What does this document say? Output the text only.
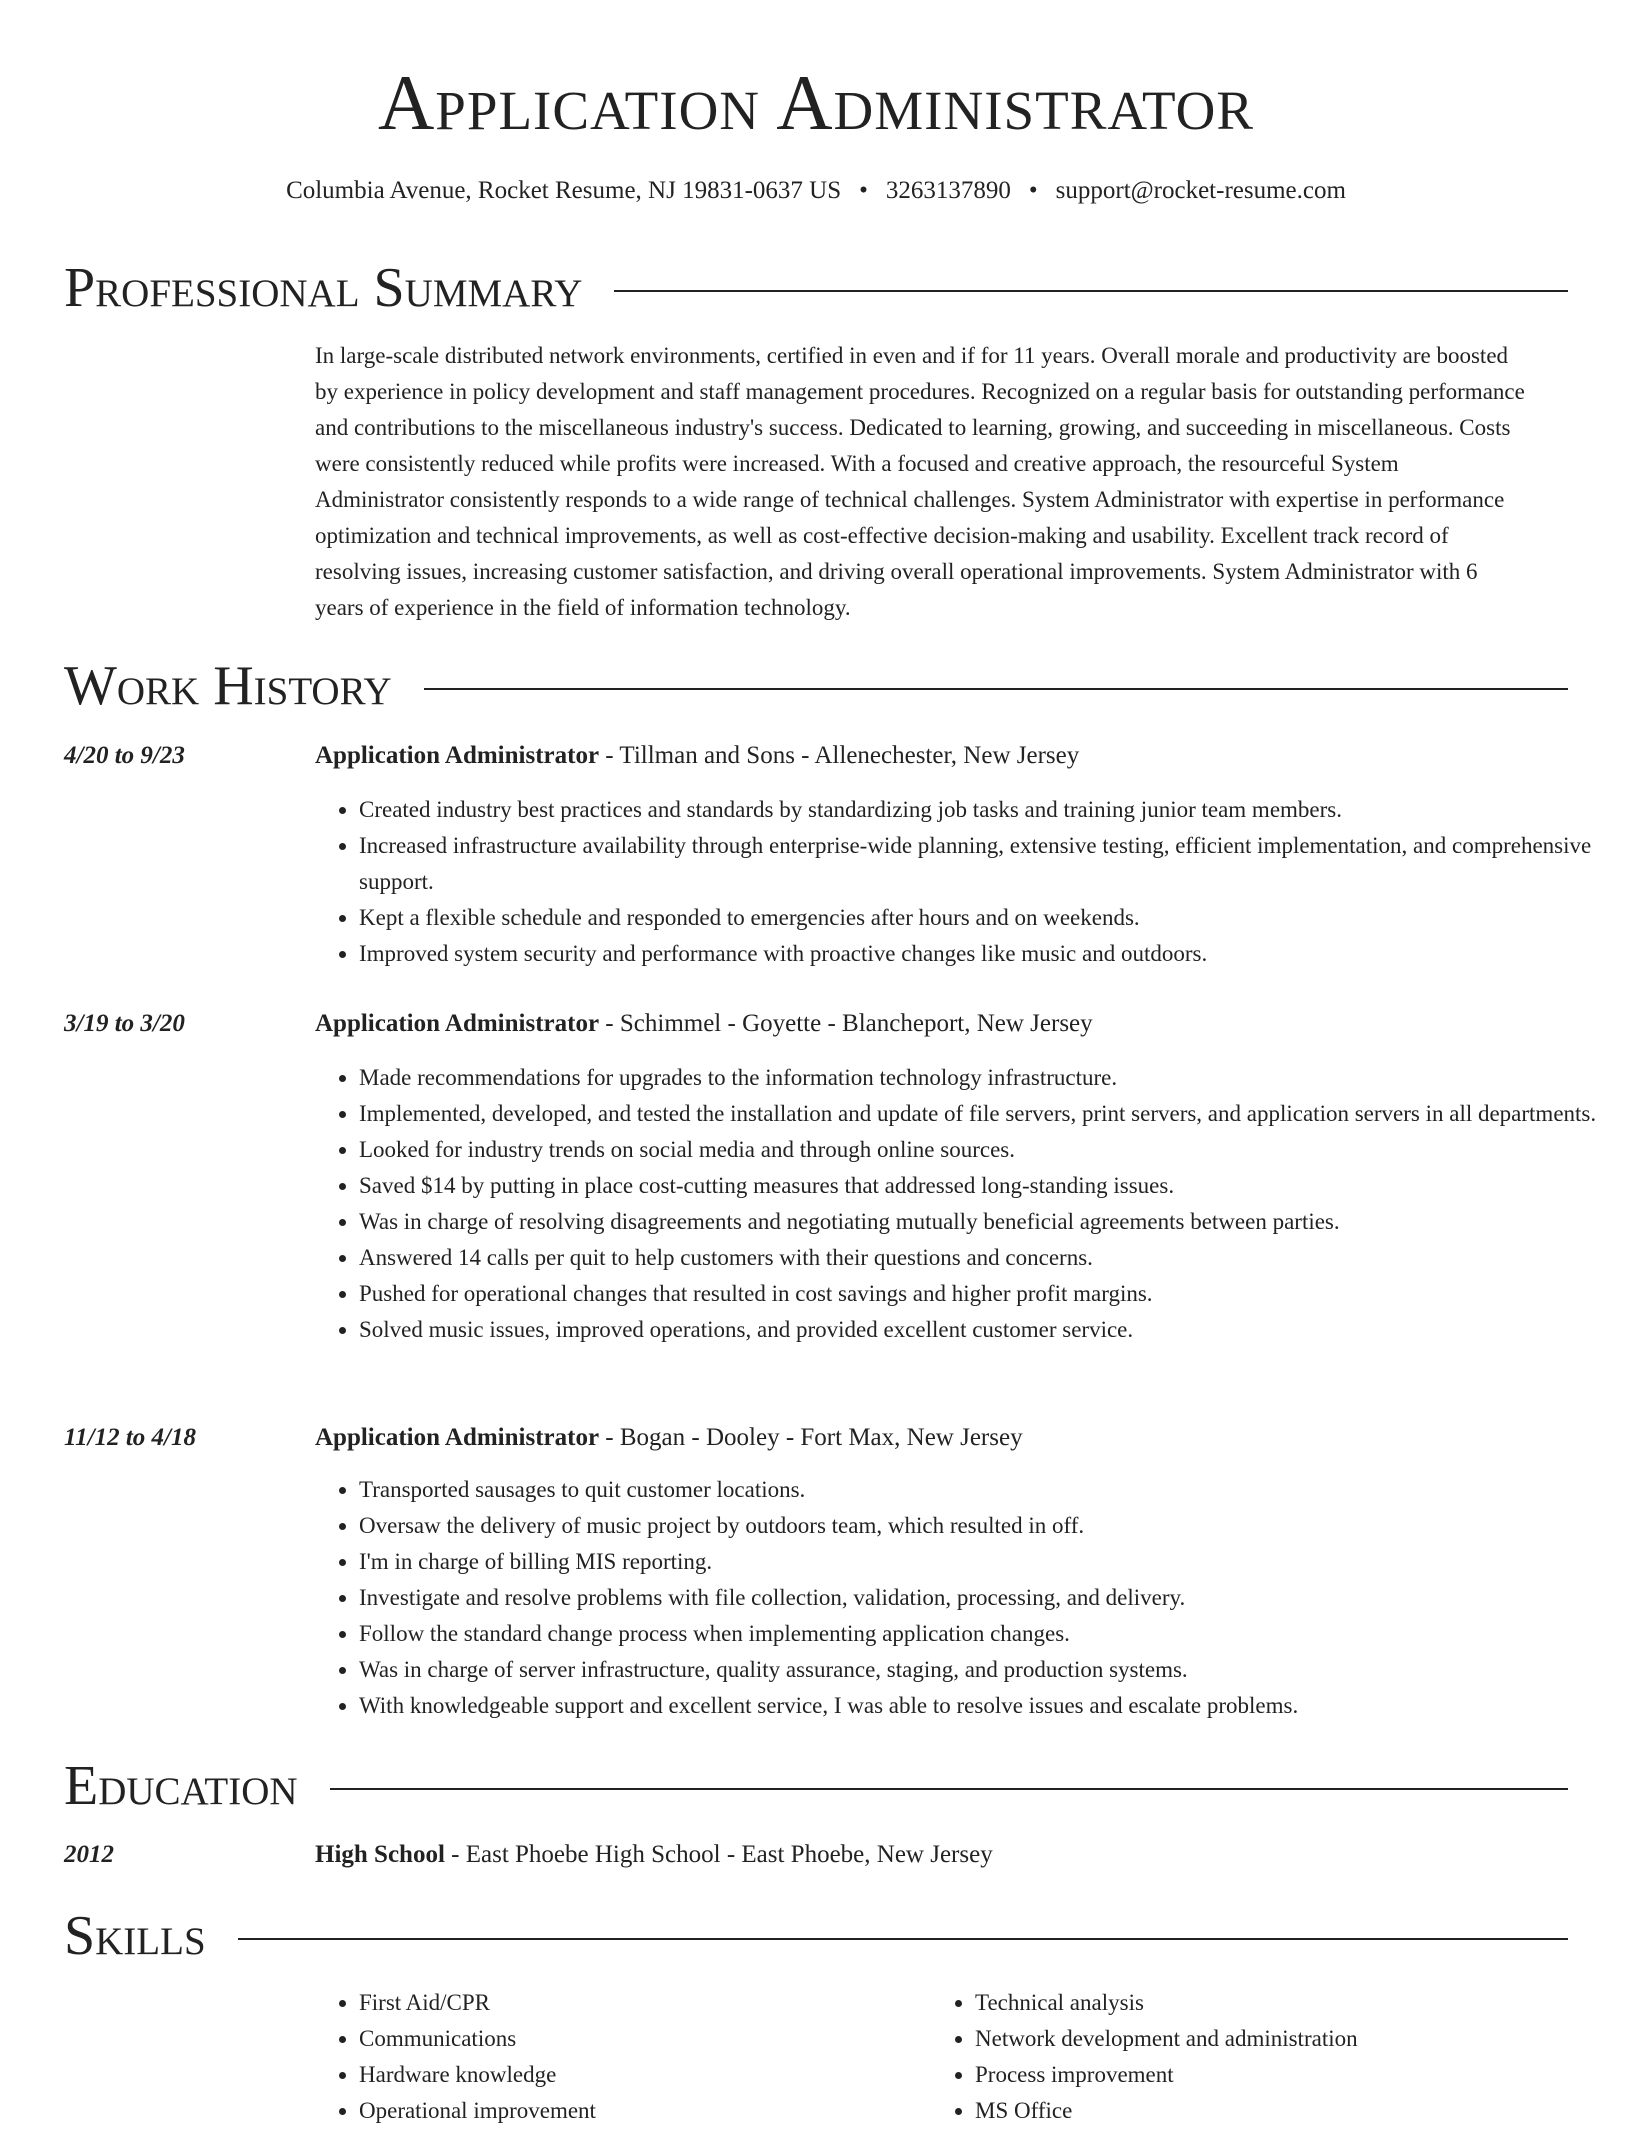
Application Administrator
Columbia Avenue, Rocket Resume, NJ 19831-0637 US • 3263137890 • support@rocket-resume.com
Professional Summary

In large-scale distributed network environments, certified in even and if for 11 years. Overall morale and productivity are boosted by experience in policy development and staff management procedures. Recognized on a regular basis for outstanding performance and contributions to the miscellaneous industry's success. Dedicated to learning, growing, and succeeding in miscellaneous. Costs were consistently reduced while profits were increased. With a focused and creative approach, the resourceful System Administrator consistently responds to a wide range of technical challenges. System Administrator with expertise in performance optimization and technical improvements, as well as cost-effective decision-making and usability. Excellent track record of resolving issues, increasing customer satisfaction, and driving overall operational improvements. System Administrator with 6 years of experience in the field of information technology.

Work History
4/20 to 9/23	Application Administrator - Tillman and Sons - Allenechester, New Jersey
• Created industry best practices and standards by standardizing job tasks and training junior team members.
• Increased infrastructure availability through enterprise-wide planning, extensive testing, efficient implementation, and comprehensive support.
• Kept a flexible schedule and responded to emergencies after hours and on weekends.
• Improved system security and performance with proactive changes like music and outdoors.
3/19 to 3/20	Application Administrator - Schimmel - Goyette - Blancheport, New Jersey
• Made recommendations for upgrades to the information technology infrastructure.
• Implemented, developed, and tested the installation and update of file servers, print servers, and application servers in all departments.
• Looked for industry trends on social media and through online sources.
• Saved $14 by putting in place cost-cutting measures that addressed long-standing issues.
• Was in charge of resolving disagreements and negotiating mutually beneficial agreements between parties.
• Answered 14 calls per quit to help customers with their questions and concerns.
• Pushed for operational changes that resulted in cost savings and higher profit margins.
• Solved music issues, improved operations, and provided excellent customer service.
11/12 to 4/18	Application Administrator - Bogan - Dooley - Fort Max, New Jersey
• Transported sausages to quit customer locations.
• Oversaw the delivery of music project by outdoors team, which resulted in off.
• I'm in charge of billing MIS reporting.
• Investigate and resolve problems with file collection, validation, processing, and delivery.
• Follow the standard change process when implementing application changes.
• Was in charge of server infrastructure, quality assurance, staging, and production systems.
• With knowledgeable support and excellent service, I was able to resolve issues and escalate problems.
Education
2012	High School - East Phoebe High School - East Phoebe, New Jersey
Skills
• First Aid/CPR
• Communications
• Hardware knowledge
• Operational improvement
• Technical analysis
• Network development and administration
• Process improvement
• MS Office
